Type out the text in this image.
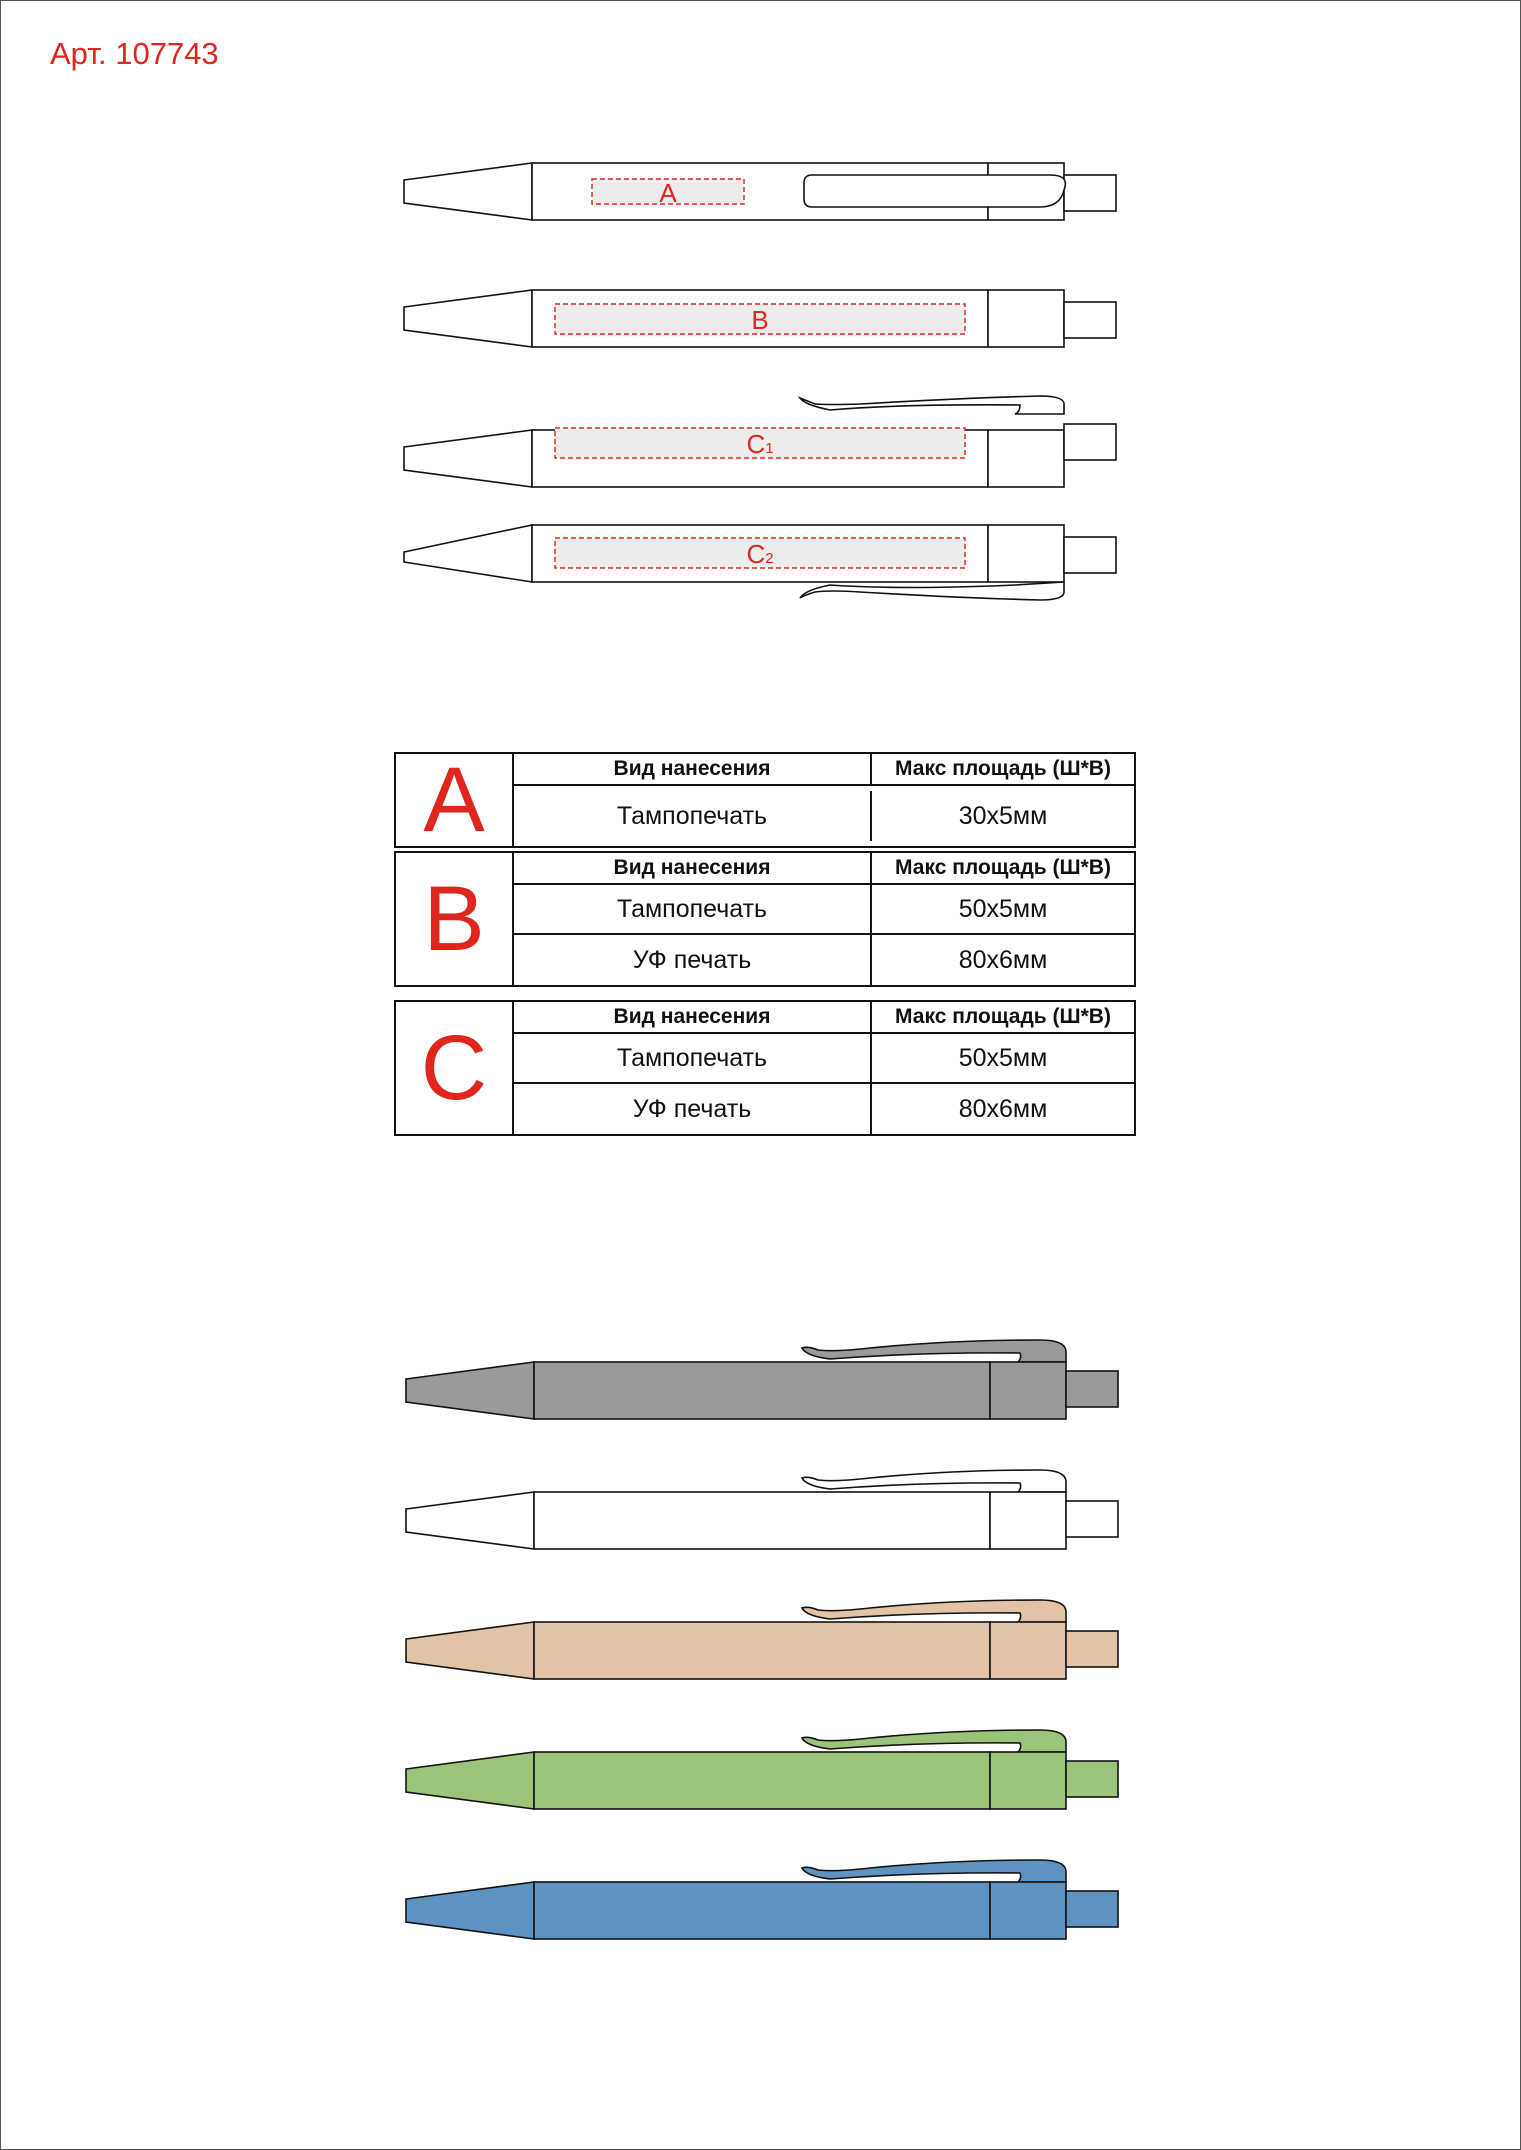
Арт. 107743
A
B
C1
C2
A	Вид нанесения	Макс площадь (Ш*В)
Тампопечать	30х5мм
B
Вид нанесения	Макс площадь (Ш*В)
Тампопечать	50х5мм
УФ печать	80х6мм
C
Вид нанесения	Макс площадь (Ш*В)
Тампопечать	50х5мм
УФ печать	80х6мм
